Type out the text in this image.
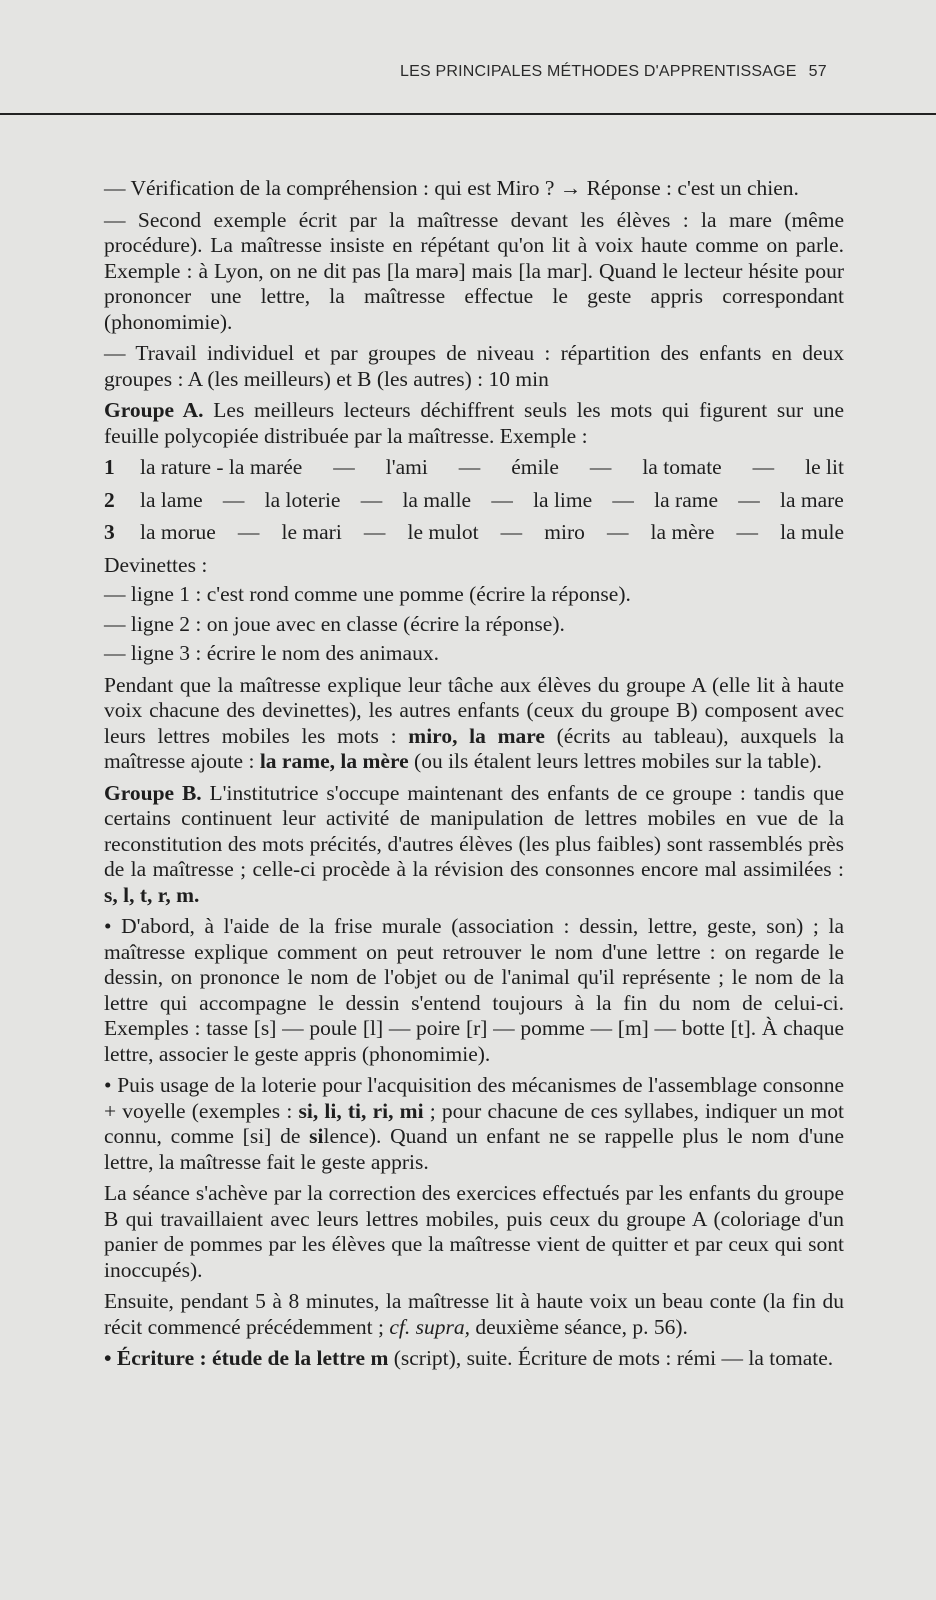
LES PRINCIPALES MÉTHODES D'APPRENTISSAGE 57

— Vérification de la compréhension : qui est Miro ? → Réponse : c'est un chien.

— Second exemple écrit par la maîtresse devant les élèves : la mare (même procédure). La maîtresse insiste en répétant qu'on lit à voix haute comme on parle. Exemple : à Lyon, on ne dit pas [la marə] mais [la mar]. Quand le lecteur hésite pour prononcer une lettre, la maîtresse effectue le geste appris correspondant (phonomimie).

— Travail individuel et par groupes de niveau : répartition des enfants en deux groupes : A (les meilleurs) et B (les autres) : 10 min

Groupe A. Les meilleurs lecteurs déchiffrent seuls les mots qui figurent sur une feuille polycopiée distribuée par la maîtresse. Exemple :

1	la rature - la marée — l'ami — émile — la tomate — le lit
2	la lame — la loterie — la malle — la lime — la rame — la mare
3	la morue — le mari — le mulot — miro — la mère — la mule

Devinettes :

— ligne 1 : c'est rond comme une pomme (écrire la réponse).

— ligne 2 : on joue avec en classe (écrire la réponse).

— ligne 3 : écrire le nom des animaux.

Pendant que la maîtresse explique leur tâche aux élèves du groupe A (elle lit à haute voix chacune des devinettes), les autres enfants (ceux du groupe B) composent avec leurs lettres mobiles les mots : miro, la mare (écrits au tableau), auxquels la maîtresse ajoute : la rame, la mère (ou ils étalent leurs lettres mobiles sur la table).

Groupe B. L'institutrice s'occupe maintenant des enfants de ce groupe : tandis que certains continuent leur activité de manipulation de lettres mobiles en vue de la reconstitution des mots précités, d'autres élèves (les plus faibles) sont rassemblés près de la maîtresse ; celle-ci procède à la révision des consonnes encore mal assimilées : s, l, t, r, m.

• D'abord, à l'aide de la frise murale (association : dessin, lettre, geste, son) ; la maîtresse explique comment on peut retrouver le nom d'une lettre : on regarde le dessin, on prononce le nom de l'objet ou de l'animal qu'il représente ; le nom de la lettre qui accompagne le dessin s'entend toujours à la fin du nom de celui-ci. Exemples : tasse [s] — poule [l] — poire [r] — pomme — [m] — botte [t]. À chaque lettre, associer le geste appris (phonomimie).

• Puis usage de la loterie pour l'acquisition des mécanismes de l'assemblage consonne + voyelle (exemples : si, li, ti, ri, mi ; pour chacune de ces syllabes, indiquer un mot connu, comme [si] de silence). Quand un enfant ne se rappelle plus le nom d'une lettre, la maîtresse fait le geste appris.

La séance s'achève par la correction des exercices effectués par les enfants du groupe B qui travaillaient avec leurs lettres mobiles, puis ceux du groupe A (coloriage d'un panier de pommes par les élèves que la maîtresse vient de quitter et par ceux qui sont inoccupés).

Ensuite, pendant 5 à 8 minutes, la maîtresse lit à haute voix un beau conte (la fin du récit commencé précédemment ; cf. supra, deuxième séance, p. 56).

• Écriture : étude de la lettre m (script), suite. Écriture de mots : rémi — la tomate.
